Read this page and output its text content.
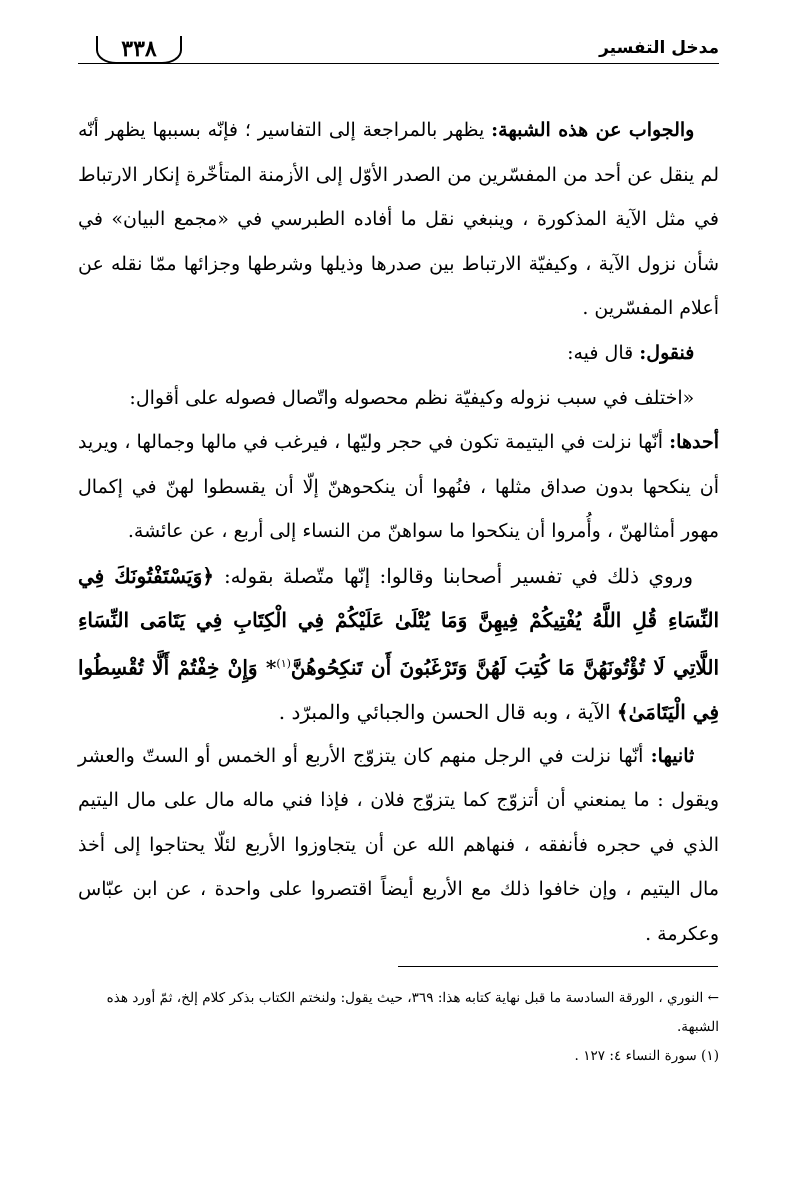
٣٣٨	مدخل التفسير

والجواب عن هذه الشبهة: يظهر بالمراجعة إلى التفاسير ؛ فإنّه بسببها يظهر أنّه لم ينقل عن أحد من المفسّرين من الصدر الأوّل إلى الأزمنة المتأخّرة إنكار الارتباط في مثل الآية المذكورة ، وينبغي نقل ما أفاده الطبرسي في «مجمع البيان» في شأن نزول الآية ، وكيفيّة الارتباط بين صدرها وذيلها وشرطها وجزائها ممّا نقله عن أعلام المفسّرين .

فنقول: قال فيه:

«اختلف في سبب نزوله وكيفيّة نظم محصوله واتّصال فصوله على أقوال:

أحدها: أنّها نزلت في اليتيمة تكون في حجر وليّها ، فيرغب في مالها وجمالها ، ويريد أن ينكحها بدون صداق مثلها ، فنُهوا أن ينكحوهنّ إلّا أن يقسطوا لهنّ في إكمال مهور أمثالهنّ ، وأُمروا أن ينكحوا ما سواهنّ من النساء إلى أربع ، عن عائشة.

وروي ذلك في تفسير أصحابنا وقالوا: إنّها متّصلة بقوله: ﴿وَيَسْتَفْتُونَكَ فِي النِّسَاءِ قُلِ اللَّهُ يُفْتِيكُمْ فِيهِنَّ وَمَا يُتْلَىٰ عَلَيْكُمْ فِي الْكِتَابِ فِي يَتَامَى النِّسَاءِ اللَّاتِي لَا تُؤْتُونَهُنَّ مَا كُتِبَ لَهُنَّ وَتَرْغَبُونَ أَن تَنكِحُوهُنَّ$^{(١)}$* وَإِنْ خِفْتُمْ أَلَّا تُقْسِطُوا فِي الْيَتَامَىٰ﴾ الآية ، وبه قال الحسن والجبائي والمبرّد .

ثانيها: أنّها نزلت في الرجل منهم كان يتزوّج الأربع أو الخمس أو الستّ والعشر ويقول : ما يمنعني أن أتزوّج كما يتزوّج فلان ، فإذا فني ماله مال على مال اليتيم الذي في حجره فأنفقه ، فنهاهم الله عن أن يتجاوزوا الأربع لئلّا يحتاجوا إلى أخذ مال اليتيم ، وإن خافوا ذلك مع الأربع أيضاً اقتصروا على واحدة ، عن ابن عبّاس وعكرمة .

← النوري ، الورقة السادسة ما قبل نهاية كتابه هذا: ٣٦٩، حيث يقول: ولنختم الكتاب بذكر كلام إلخ، ثمّ أورد هذه الشبهة.

(١) سورة النساء ٤: ١٢٧ .
